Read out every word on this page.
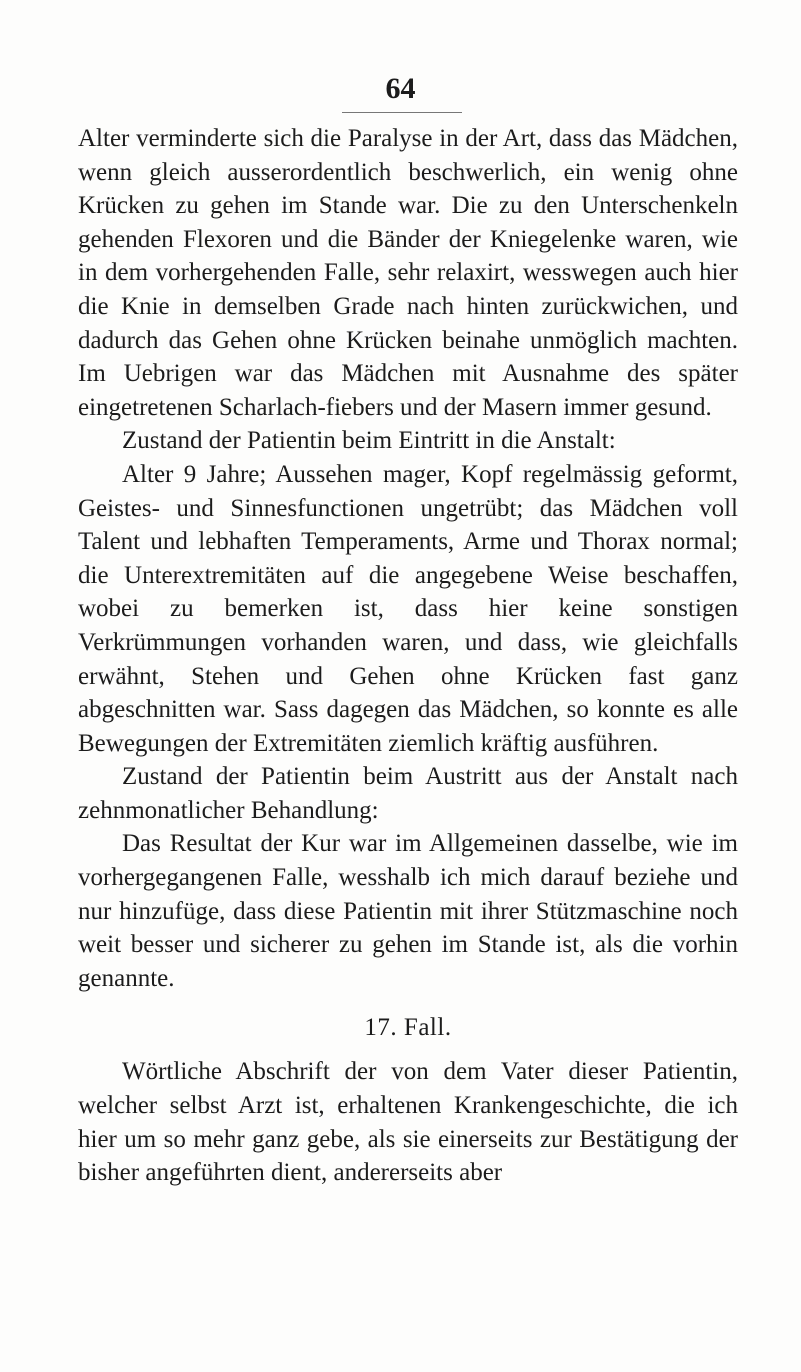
64

Alter verminderte sich die Paralyse in der Art, dass das Mädchen, wenn gleich ausserordentlich beschwerlich, ein wenig ohne Krücken zu gehen im Stande war. Die zu den Unterschenkeln gehenden Flexoren und die Bänder der Kniegelenke waren, wie in dem vorhergehenden Falle, sehr relaxirt, wesswegen auch hier die Knie in demselben Grade nach hinten zurückwichen, und dadurch das Gehen ohne Krücken beinahe unmöglich machten. Im Uebrigen war das Mädchen mit Ausnahme des später eingetretenen Scharlach-fiebers und der Masern immer gesund.

Zustand der Patientin beim Eintritt in die Anstalt:

Alter 9 Jahre; Aussehen mager, Kopf regelmässig geformt, Geistes- und Sinnesfunctionen ungetrübt; das Mädchen voll Talent und lebhaften Temperaments, Arme und Thorax normal; die Unterextremitäten auf die angegebene Weise beschaffen, wobei zu bemerken ist, dass hier keine sonstigen Verkrümmungen vorhanden waren, und dass, wie gleichfalls erwähnt, Stehen und Gehen ohne Krücken fast ganz abgeschnitten war. Sass dagegen das Mädchen, so konnte es alle Bewegungen der Extremitäten ziemlich kräftig ausführen.

Zustand der Patientin beim Austritt aus der Anstalt nach zehnmonatlicher Behandlung:

Das Resultat der Kur war im Allgemeinen dasselbe, wie im vorhergegangenen Falle, wesshalb ich mich darauf beziehe und nur hinzufüge, dass diese Patientin mit ihrer Stützmaschine noch weit besser und sicherer zu gehen im Stande ist, als die vorhin genannte.

17. Fall.

Wörtliche Abschrift der von dem Vater dieser Patientin, welcher selbst Arzt ist, erhaltenen Krankengeschichte, die ich hier um so mehr ganz gebe, als sie einerseits zur Bestätigung der bisher angeführten dient, andererseits aber
